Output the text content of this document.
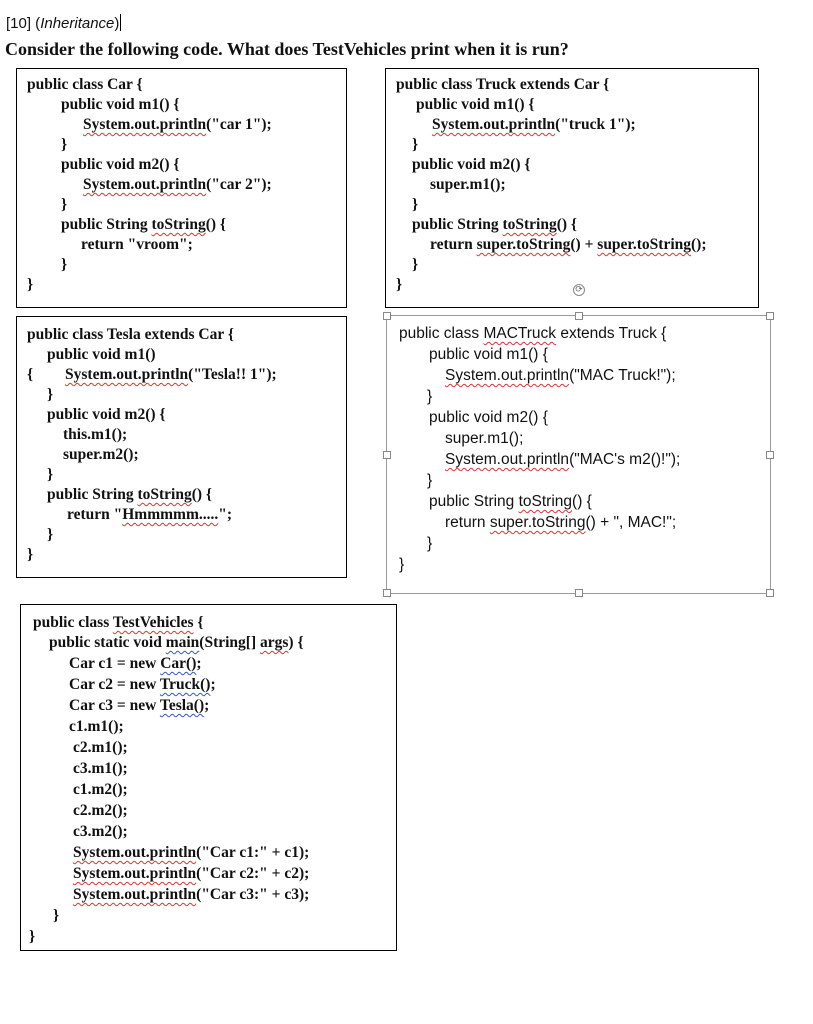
[10] (Inheritance)
Consider the following code. What does TestVehicles print when it is run?
public class Car {
public void m1() {
System.out.println("car 1");
}
public void m2() {
System.out.println("car 2");
}
public String toString() {
return "vroom";
}
}
public class Truck extends Car {
public void m1() {
System.out.println("truck 1");
}
public void m2() {
super.m1();
}
public String toString() {
return super.toString() + super.toString();
}
}
public class Tesla extends Car {
public void m1()
{ System.out.println("Tesla!! 1");
}
public void m2() {
this.m1();
super.m2();
}
public String toString() {
return "Hmmmmm.....";
}
}
public class MACTruck extends Truck {
public void m1() {
System.out.println("MAC Truck!");
}
public void m2() {
super.m1();
System.out.println("MAC's m2()!");
}
public String toString() {
return super.toString() + ", MAC!";
}
}
⟳
public class TestVehicles {
public static void main(String[] args) {
Car c1 = new Car();
Car c2 = new Truck();
Car c3 = new Tesla();
c1.m1();
c2.m1();
c3.m1();
c1.m2();
c2.m2();
c3.m2();
System.out.println("Car c1:" + c1);
System.out.println("Car c2:" + c2);
System.out.println("Car c3:" + c3);
}
}
